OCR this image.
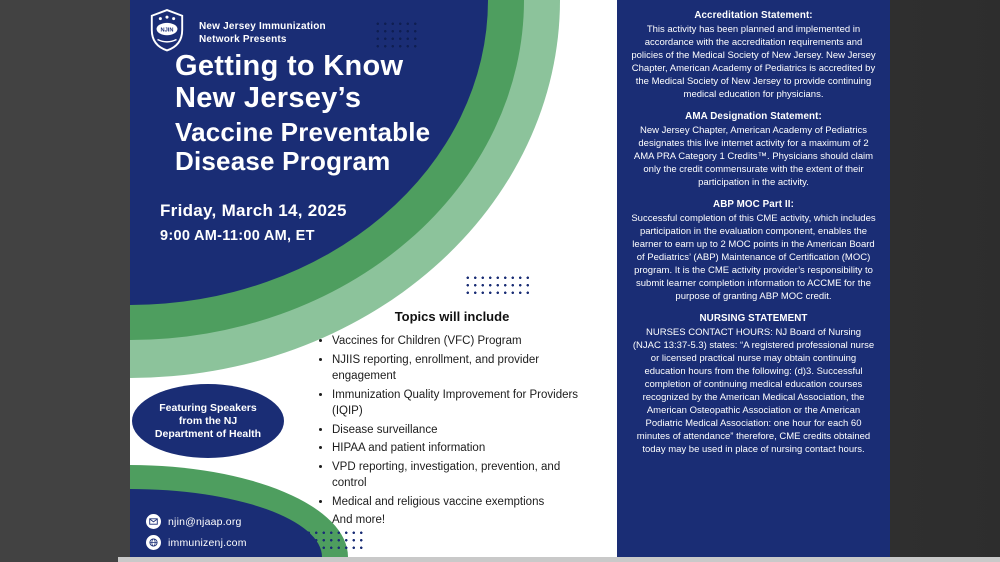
NJIN	New Jersey Immunization
Network Presents
Getting to Know
New Jersey’s
Vaccine Preventable
Disease Program
Friday, March 14, 2025
9:00 AM-11:00 AM, ET
Topics will include
• Vaccines for Children (VFC) Program
• NJIIS reporting, enrollment, and provider engagement
• Immunization Quality Improvement for Providers (IQIP)
• Disease surveillance
• HIPAA and patient information
• VPD reporting, investigation, prevention, and control
• Medical and religious vaccine exemptions
• And more!
Featuring Speakers
from the NJ
Department of Health
njin@njaap.org
immunizenj.com
Accreditation Statement:

This activity has been planned and implemented in accordance with the accreditation requirements and policies of the Medical Society of New Jersey. New Jersey Chapter, American Academy of Pediatrics is accredited by the Medical Society of New Jersey to provide continuing medical education for physicians.

AMA Designation Statement:

New Jersey Chapter, American Academy of Pediatrics designates this live internet activity for a maximum of 2 AMA PRA Category 1 Credits™. Physicians should claim only the credit commensurate with the extent of their participation in the activity.

ABP MOC Part II:

Successful completion of this CME activity, which includes participation in the evaluation component, enables the learner to earn up to 2 MOC points in the American Board of Pediatrics’ (ABP) Maintenance of Certification (MOC) program. It is the CME activity provider’s responsibility to submit learner completion information to ACCME for the purpose of granting ABP MOC credit.

NURSING STATEMENT

NURSES CONTACT HOURS: NJ Board of Nursing (NJAC 13:37-5.3) states: “A registered professional nurse or licensed practical nurse may obtain continuing education hours from the following: (d)3. Successful completion of continuing medical education courses recognized by the American Medical Association, the American Osteopathic Association or the American Podiatric Medical Association: one hour for each 60 minutes of attendance” therefore, CME credits obtained today may be used in place of nursing contact hours.
